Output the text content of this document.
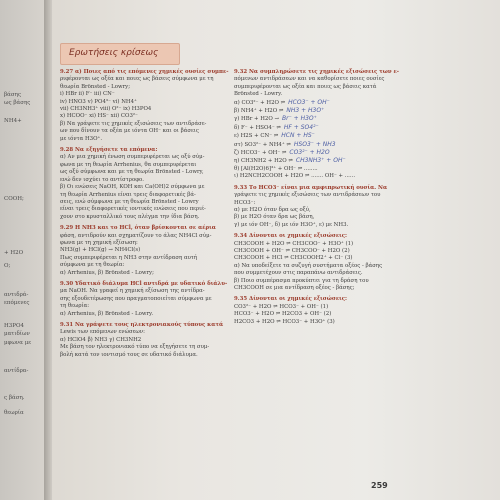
βάσης
ως βάσης
NH4+
COOH;
+ H2O
O;
αντιδρά-
επόμενες
H3PO4
ματιδίων
μφωνα με
αντίδρα-
ς βάση.
θεωρία
Ερωτήσεις κρίσεως
9.27 α) Ποιες από τις επόμενες χημικές ουσίες συμπε-
ριφέρονται ως οξέα και ποιες ως βάσεις σύμφωνα με τη
θεωρία Brönsted - Lowry;
i) HBr ii) F⁻ iii) CN⁻
iv) HNO3 v) PO4³⁻ vi) NH4⁺
vii) CH3NH3⁺ viii) O²⁻ ix) H3PO4
x) HCOO⁻ xi) HS⁻ xii) CO3²⁻
β) Να γράψετε τις χημικές εξισώσεις των αντιδράσε-
ων που δίνουν τα οξέα με ιόντα OH⁻ και οι βάσεις
με ιόντα H3O⁺.
9.28 Να εξηγήσετε τα επόμενα:
α) Αν μια χημική ένωση συμπεριφέρεται ως οξύ σύμ-
φωνα με τη θεωρία Arrhenius, θα συμπεριφέρεται
ως οξύ σύμφωνα και με τη θεωρία Brönsted - Lowry,
ενώ δεν ισχύει το αντίστροφο.
β) Οι ενώσεις NaOH, KOH και Ca(OH)2 σύμφωνα με
τη θεωρία Arrhenius είναι τρεις διαφορετικές βά-
σεις, ενώ σύμφωνα με τη θεωρία Brönsted - Lowry
είναι τρεις διαφορετικές ιοντικές ενώσεις που περιέ-
χουν στο κρυσταλλικό τους πλέγμα την ίδια βάση.
9.29 Η NH3 και το HCl, όταν βρίσκονται σε αέρια
φάση, αντιδρούν και σχηματίζουν το άλας NH4Cl σύμ-
φωνα με τη χημική εξίσωση:
NH3(g) + HCl(g) → NH4Cl(s)
Πως συμπεριφέρεται η NH3 στην αντίδραση αυτή
σύμφωνα με τη θεωρία:
α) Arrhenius, β) Brönsted - Lowry;
9.30 Υδατικό διάλυμα HCl αντιδρά με υδατικό διάλυ-
μα NaOH. Να γραφεί η χημική εξίσωση της αντίδρα-
σης εξουδετέρωσης που πραγματοποιείται σύμφωνα με
τη θεωρία:
α) Arrhenius, β) Brönsted - Lowry.
9.31 Να γράψετε τους ηλεκτρονιακούς τύπους κατά
Lewis των επόμενων ενώσεων:
α) HClO4 β) NH3 γ) CH3NH2
Με βάση τον ηλεκτρονιακό τύπο να εξηγήσετε τη συμ-
βολή κατά τον ιοντισμό τους σε υδατικό διάλυμα.
9.32 Να συμπληρώσετε τις χημικές εξισώσεις των ε-
πόμενων αντιδράσεων και να καθορίσετε ποιες ουσίες
συμπεριφέρονται ως οξέα και ποιες ως βάσεις κατά
Brönsted - Lowry.
α) CO3²⁻ + H2O ⇌ HCO3⁻ + OH⁻
β) NH4⁺ + H2O ⇌ NH3 + H3O⁺
γ) HBr + H2O → Br⁻ + H3O⁺
δ) F⁻ + HSO4⁻ ⇌ HF + SO4²⁻
ε) H2S + CN⁻ ⇌ HCN + HS⁻
στ) SO3²⁻ + NH4⁺ ⇌ HSO3⁻ + NH3
ζ) HCO3⁻ + OH⁻ ⇌ CO3²⁻ + H2O
η) CH3NH2 + H2O ⇌ CH3NH3⁺ + OH⁻
θ) [Al(H2O)6]³⁺ + OH⁻ ⇌ ........
ι) H2NCH2COOH + H2O ⇌ ....... OH⁻ + ......
9.33 Το HCO3⁻ είναι μια αμφιπρωτική ουσία. Να
γράψετε τις χημικές εξισώσεις των αντιδράσεων του
HCO3⁻:
α) με H2O όταν δρα ως οξύ,
β) με H2O όταν δρα ως βάση,
γ) με ιόν OH⁻, δ) με ιόν H3O⁺, ε) με NH3.
9.34 Δίνονται οι χημικές εξισώσεις:
CH3COOH + H2O ⇌ CH3COO⁻ + H3O⁺ (1)
CH3COOH + OH⁻ ⇌ CH3COO⁻ + H2O (2)
CH3COOH + HCl ⇌ CH3COOH2⁺ + Cl⁻ (3)
α) Να υποδείξετε τα συζυγή συστήματα οξέος - βάσης
που συμμετέχουν στις παραπάνω αντιδράσεις.
β) Ποιο συμπέρασμα προκύπτει για τη δράση του
CH3COOH σε μια αντίδραση οξέος - βάσης;
9.35 Δίνονται οι χημικές εξισώσεις:
CO3²⁻ + H2O ⇌ HCO3⁻ + OH⁻ (1)
HCO3⁻ + H2O ⇌ H2CO3 + OH⁻ (2)
H2CO3 + H2O ⇌ HCO3⁻ + H3O⁺ (3)
259
